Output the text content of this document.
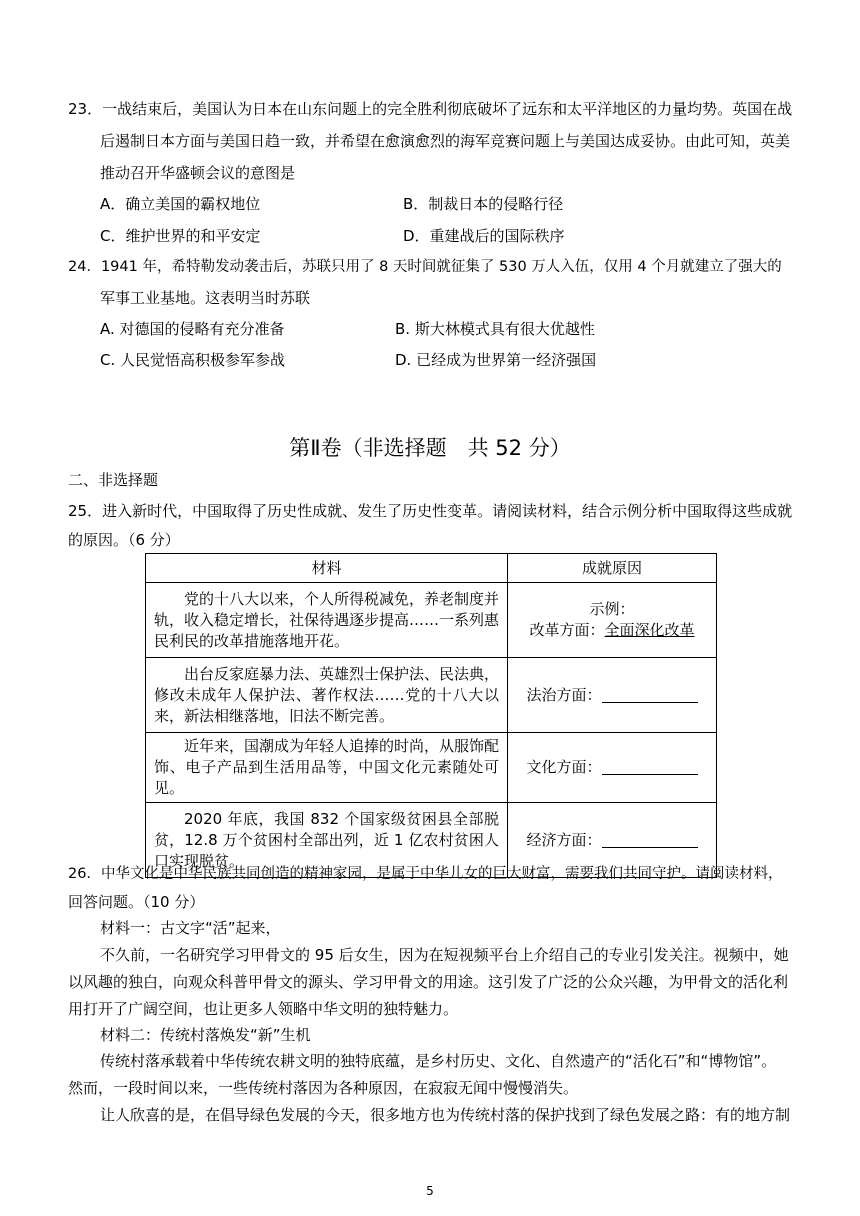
23．一战结束后，美国认为日本在山东问题上的完全胜利彻底破坏了远东和太平洋地区的力量均势。英国在战
后遏制日本方面与美国日趋一致，并希望在愈演愈烈的海军竞赛问题上与美国达成妥协。由此可知，英美
推动召开华盛顿会议的意图是
A．确立美国的霸权地位	B．制裁日本的侵略行径
C．维护世界的和平安定	D．重建战后的国际秩序
24．1941 年，希特勒发动袭击后，苏联只用了 8 天时间就征集了 530 万人入伍，仅用 4 个月就建立了强大的
军事工业基地。这表明当时苏联
A. 对德国的侵略有充分准备	B. 斯大林模式具有很大优越性
C. 人民觉悟高积极参军参战	D. 已经成为世界第一经济强国
第Ⅱ卷（非选择题　共 52 分）
二、非选择题
25．进入新时代，中国取得了历史性成就、发生了历史性变革。请阅读材料，结合示例分析中国取得这些成就
的原因。（6 分）
材料	成就原因
党的十八大以来，个人所得税减免，养老制度并轨，收入稳定增长，社保待遇逐步提高……一系列惠民利民的改革措施落地开花。	示例：
改革方面：全面深化改革

出台反家庭暴力法、英雄烈士保护法、民法典，修改未成年人保护法、著作权法……党的十八大以来，新法相继落地，旧法不断完善。	法治方面：
近年来，国潮成为年轻人追捧的时尚，从服饰配饰、电子产品到生活用品等，中国文化元素随处可见。	文化方面：
2020 年底，我国 832 个国家级贫困县全部脱贫，12.8 万个贫困村全部出列，近 1 亿农村贫困人口实现脱贫。	经济方面：
26．中华文化是中华民族共同创造的精神家园，是属于中华儿女的巨大财富，需要我们共同守护。请阅读材料，
回答问题。（10 分）
材料一：古文字“活”起来，
不久前，一名研究学习甲骨文的 95 后女生，因为在短视频平台上介绍自己的专业引发关注。视频中，她
以风趣的独白，向观众科普甲骨文的源头、学习甲骨文的用途。这引发了广泛的公众兴趣，为甲骨文的活化利
用打开了广阔空间，也让更多人领略中华文明的独特魅力。
材料二：传统村落焕发“新”生机
传统村落承载着中华传统农耕文明的独特底蕴，是乡村历史、文化、自然遗产的“活化石”和“博物馆”。
然而，一段时间以来，一些传统村落因为各种原因，在寂寂无闻中慢慢消失。
让人欣喜的是，在倡导绿色发展的今天，很多地方也为传统村落的保护找到了绿色发展之路：有的地方制
5
